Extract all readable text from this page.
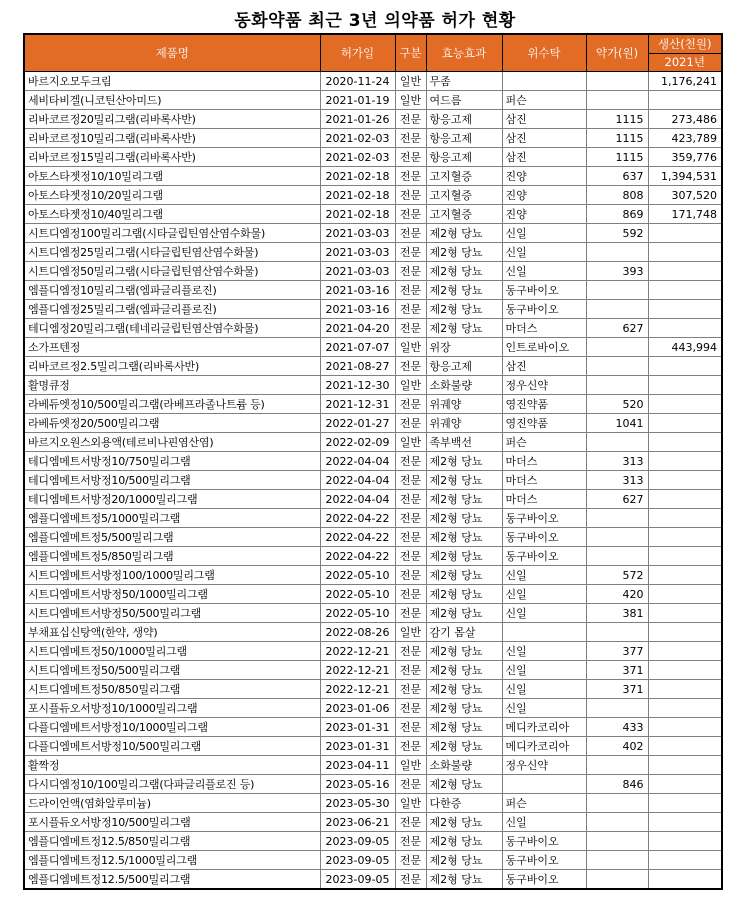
동화약품 최근 3년 의약품 허가 현황
제품명	허가일	구분	효능효과	위수탁	약가(원)	생산(천원)
						2021년
바르지오모두크림	2020-11-24	일반	무좀			1,176,241
세비타비겔(니코틴산아미드)	2021-01-19	일반	여드름	퍼슨		
리바코르정20밀리그램(리바록사반)	2021-01-26	전문	항응고제	삼진	1115	273,486
리바코르정10밀리그램(리바록사반)	2021-02-03	전문	항응고제	삼진	1115	423,789
리바코르정15밀리그램(리바록사반)	2021-02-03	전문	항응고제	삼진	1115	359,776
아토스타젯정10/10밀리그램	2021-02-18	전문	고지혈증	진양	637	1,394,531
아토스타젯정10/20밀리그램	2021-02-18	전문	고지혈증	진양	808	307,520
아토스타젯정10/40밀리그램	2021-02-18	전문	고지혈증	진양	869	171,748
시트디엠정100밀리그램(시타글립틴염산염수화물)	2021-03-03	전문	제2형 당뇨	신일	592	
시트디엠정25밀리그램(시타글립틴염산염수화물)	2021-03-03	전문	제2형 당뇨	신일		
시트디엠정50밀리그램(시타글립틴염산염수화물)	2021-03-03	전문	제2형 당뇨	신일	393	
엠플디엠정10밀리그램(엠파글리플로진)	2021-03-16	전문	제2형 당뇨	동구바이오		
엠플디엠정25밀리그램(엠파글리플로진)	2021-03-16	전문	제2형 당뇨	동구바이오		
테디엠정20밀리그램(테네리글립틴염산염수화물)	2021-04-20	전문	제2형 당뇨	마더스	627	
소가프텐정	2021-07-07	일반	위장	인트로바이오		443,994
리바코르정2.5밀리그램(리바록사반)	2021-08-27	전문	항응고제	삼진		
활명큐정	2021-12-30	일반	소화불량	정우신약		
라베듀엣정10/500밀리그램(라베프라졸나트륨 등)	2021-12-31	전문	위궤양	영진약품	520	
라베듀엣정20/500밀리그램	2022-01-27	전문	위궤양	영진약품	1041	
바르지오원스외용액(테르비나핀염산염)	2022-02-09	일반	족부백선	퍼슨		
테디엠메트서방정10/750밀리그램	2022-04-04	전문	제2형 당뇨	마더스	313	
테디엠메트서방정10/500밀리그램	2022-04-04	전문	제2형 당뇨	마더스	313	
테디엠메트서방정20/1000밀리그램	2022-04-04	전문	제2형 당뇨	마더스	627	
엠플디엠메트정5/1000밀리그램	2022-04-22	전문	제2형 당뇨	동구바이오		
엠플디엠메트정5/500밀리그램	2022-04-22	전문	제2형 당뇨	동구바이오		
엠플디엠메트정5/850밀리그램	2022-04-22	전문	제2형 당뇨	동구바이오		
시트디엠메트서방정100/1000밀리그램	2022-05-10	전문	제2형 당뇨	신일	572	
시트디엠메트서방정50/1000밀리그램	2022-05-10	전문	제2형 당뇨	신일	420	
시트디엠메트서방정50/500밀리그램	2022-05-10	전문	제2형 당뇨	신일	381	
부채표십신탕액(한약, 생약)	2022-08-26	일반	감기 몸살			
시트디엠메트정50/1000밀리그램	2022-12-21	전문	제2형 당뇨	신일	377	
시트디엠메트정50/500밀리그램	2022-12-21	전문	제2형 당뇨	신일	371	
시트디엠메트정50/850밀리그램	2022-12-21	전문	제2형 당뇨	신일	371	
포시플듀오서방정10/1000밀리그램	2023-01-06	전문	제2형 당뇨	신일		
다플디엠메트서방정10/1000밀리그램	2023-01-31	전문	제2형 당뇨	메디카코리아	433	
다플디엠메트서방정10/500밀리그램	2023-01-31	전문	제2형 당뇨	메디카코리아	402	
활짝정	2023-04-11	일반	소화불량	정우신약		
다시디엠정10/100밀리그램(다파글리플로진 등)	2023-05-16	전문	제2형 당뇨		846	
드라이언액(염화알루미늄)	2023-05-30	일반	다한증	퍼슨		
포시플듀오서방정10/500밀리그램	2023-06-21	전문	제2형 당뇨	신일		
엠플디엠메트정12.5/850밀리그램	2023-09-05	전문	제2형 당뇨	동구바이오		
엠플디엠메트정12.5/1000밀리그램	2023-09-05	전문	제2형 당뇨	동구바이오		
엠플디엠메트정12.5/500밀리그램	2023-09-05	전문	제2형 당뇨	동구바이오		
